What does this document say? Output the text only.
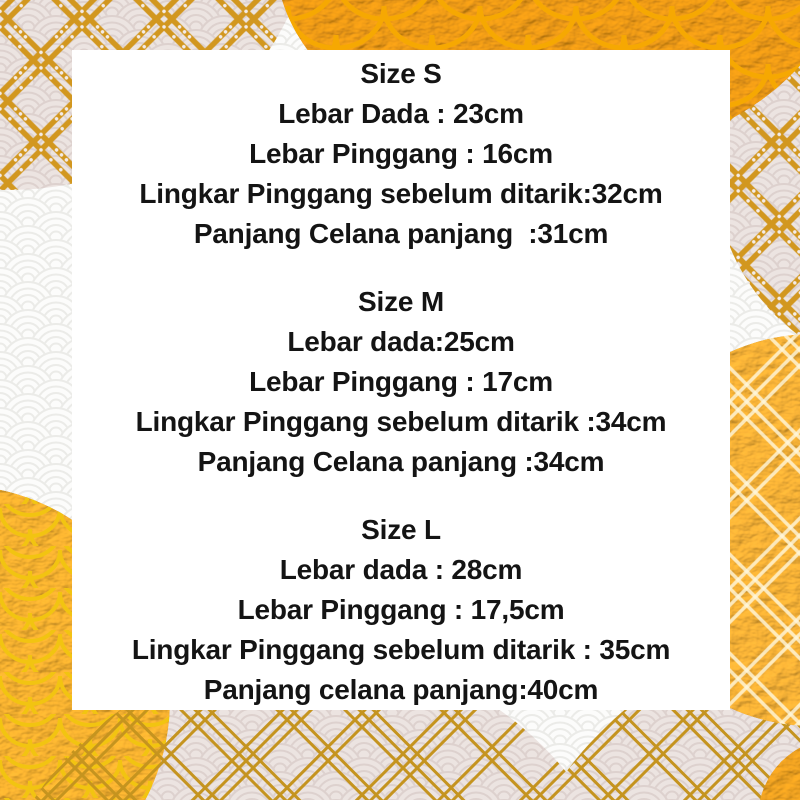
Size S
Lebar Dada : 23cm
Lebar Pinggang : 16cm
Lingkar Pinggang sebelum ditarik:32cm
Panjang Celana panjang  :31cm
Size M
Lebar dada:25cm
Lebar Pinggang : 17cm
Lingkar Pinggang sebelum ditarik :34cm
Panjang Celana panjang :34cm
Size L
Lebar dada : 28cm
Lebar Pinggang : 17,5cm
Lingkar Pinggang sebelum ditarik : 35cm
Panjang celana panjang:40cm
